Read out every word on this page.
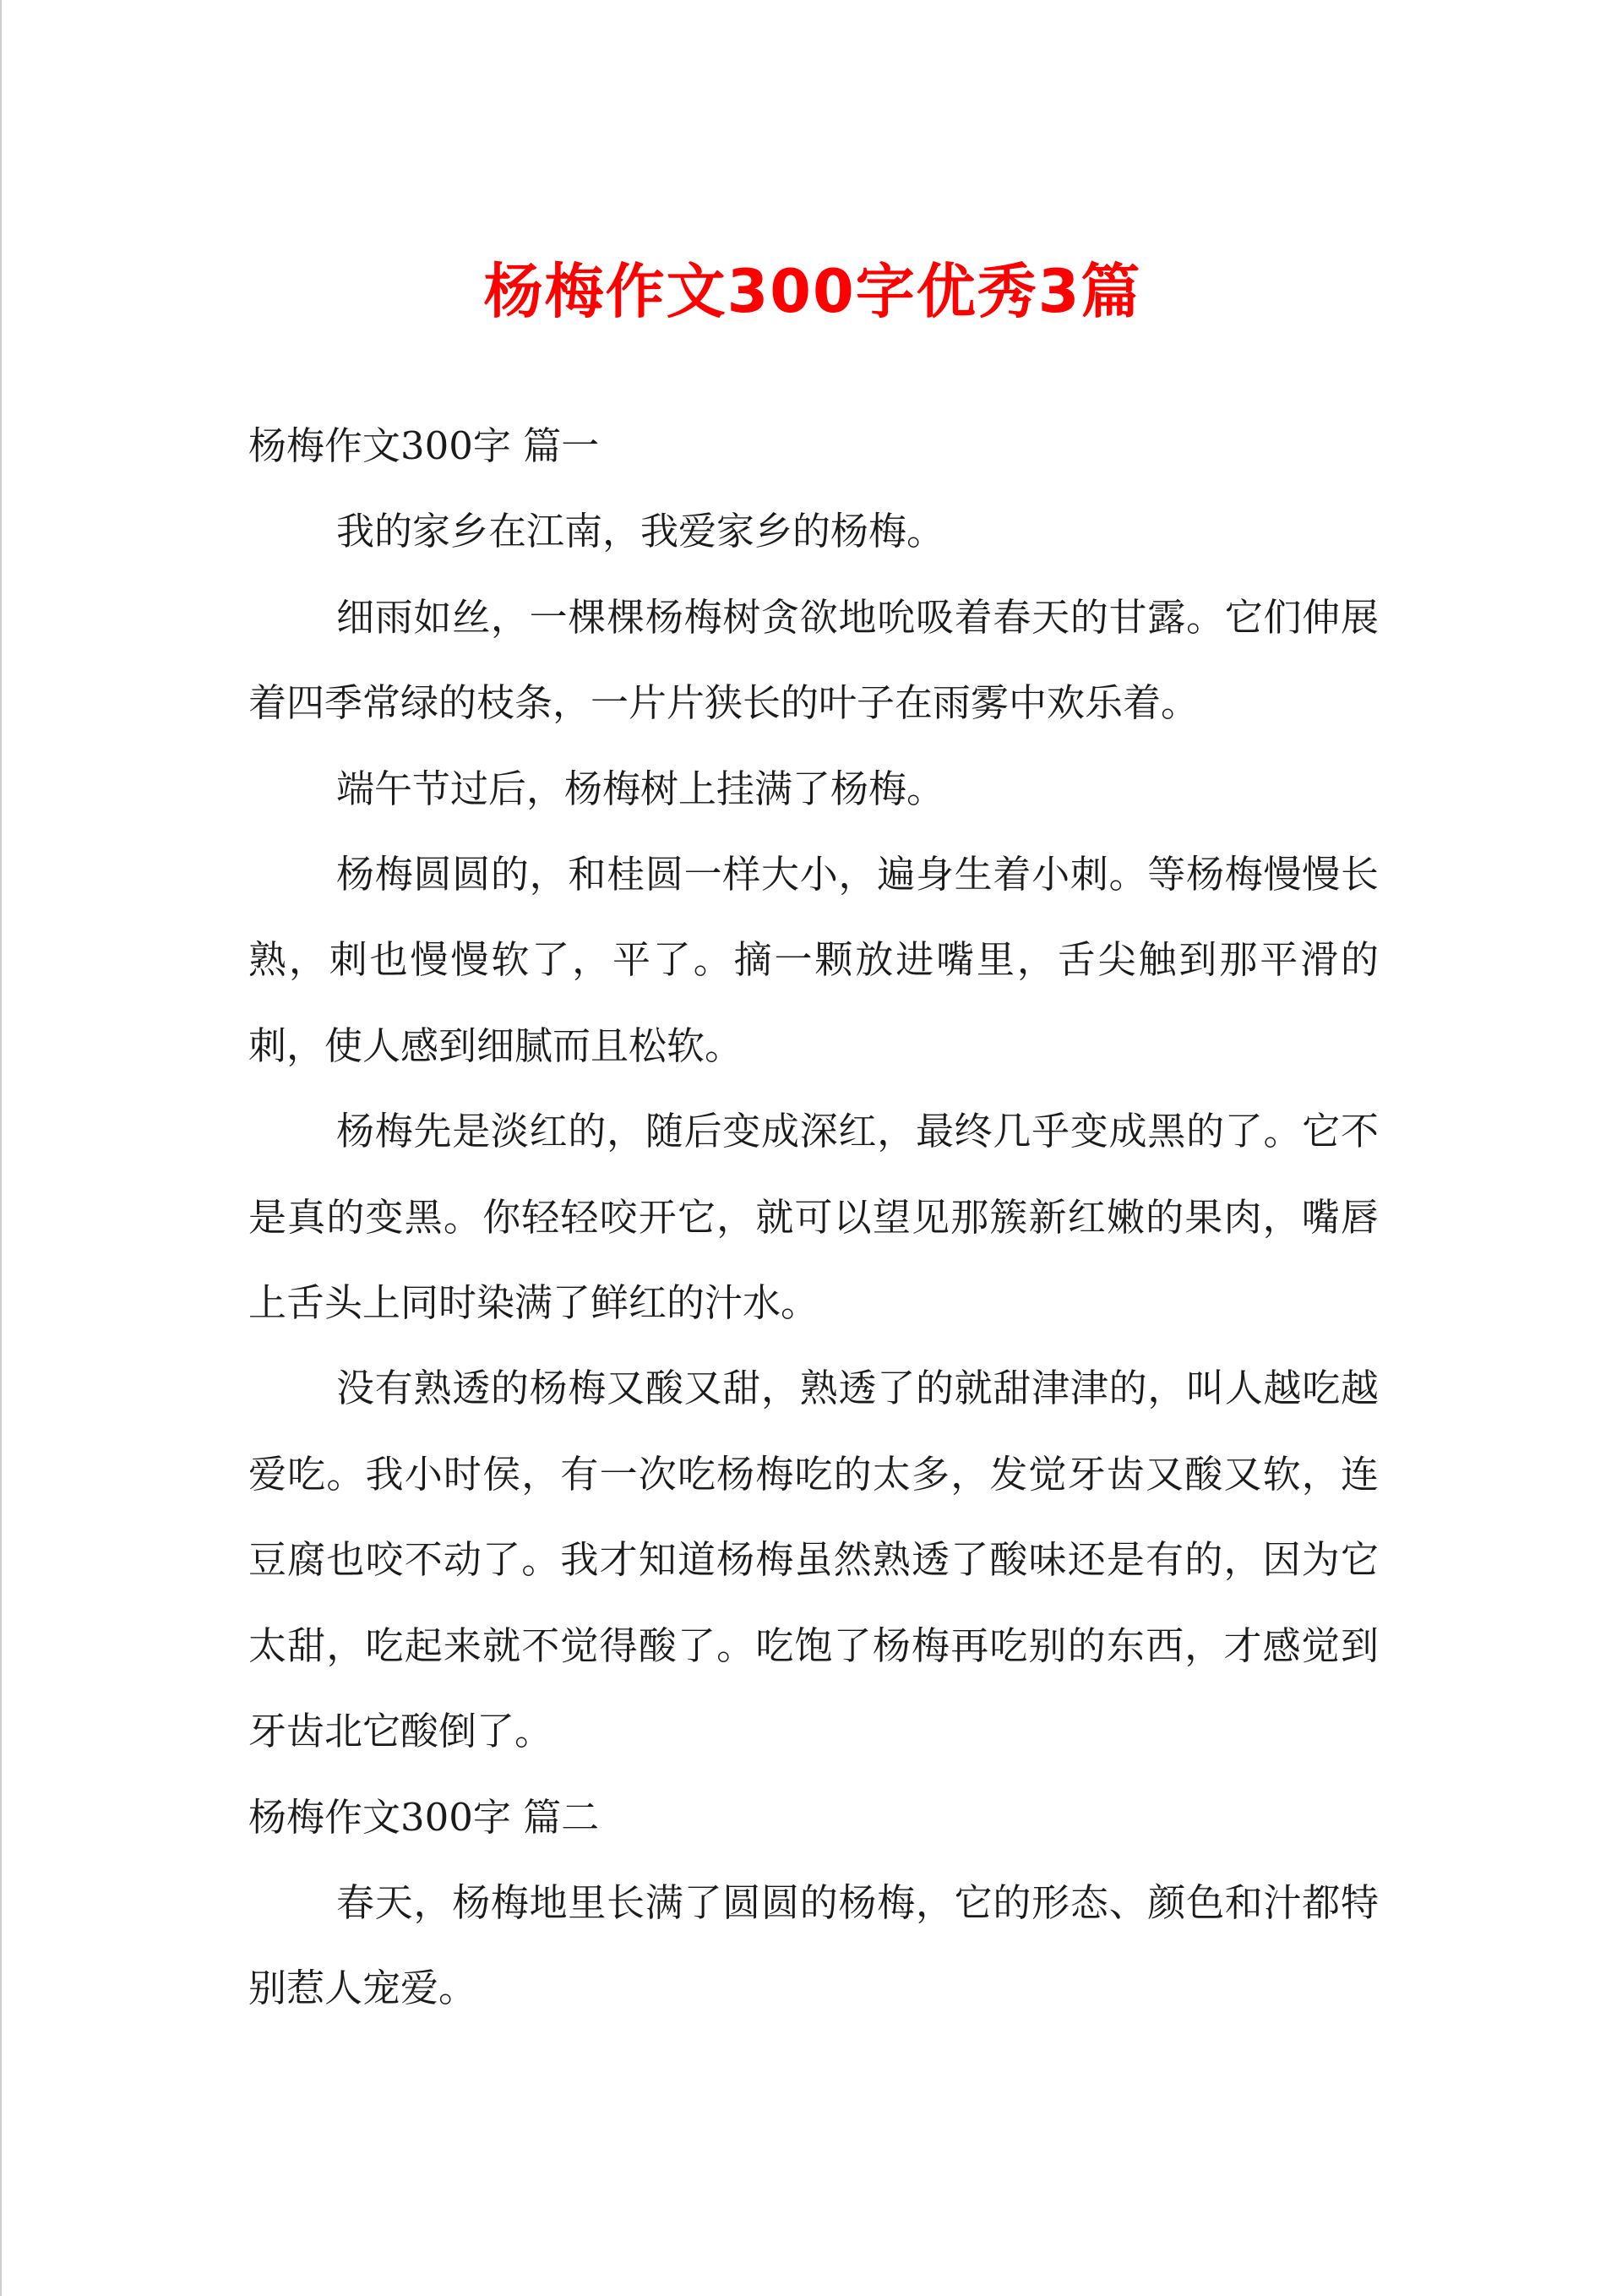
杨梅作文300字优秀3篇
杨梅作文300字 篇一

我的家乡在江南，我爱家乡的杨梅。

细雨如丝，一棵棵杨梅树贪欲地吮吸着春天的甘露。它们伸展着四季常绿的枝条，一片片狭长的叶子在雨雾中欢乐着。

端午节过后，杨梅树上挂满了杨梅。

杨梅圆圆的，和桂圆一样大小，遍身生着小刺。等杨梅慢慢长熟，刺也慢慢软了，平了。摘一颗放进嘴里，舌尖触到那平滑的刺，使人感到细腻而且松软。

杨梅先是淡红的，随后变成深红，最终几乎变成黑的了。它不是真的变黑。你轻轻咬开它，就可以望见那簇新红嫩的果肉，嘴唇上舌头上同时染满了鲜红的汁水。

没有熟透的杨梅又酸又甜，熟透了的就甜津津的，叫人越吃越爱吃。我小时侯，有一次吃杨梅吃的太多，发觉牙齿又酸又软，连豆腐也咬不动了。我才知道杨梅虽然熟透了酸味还是有的，因为它太甜，吃起来就不觉得酸了。吃饱了杨梅再吃别的东西，才感觉到牙齿北它酸倒了。

杨梅作文300字 篇二

春天，杨梅地里长满了圆圆的杨梅，它的形态、颜色和汁都特别惹人宠爱。
